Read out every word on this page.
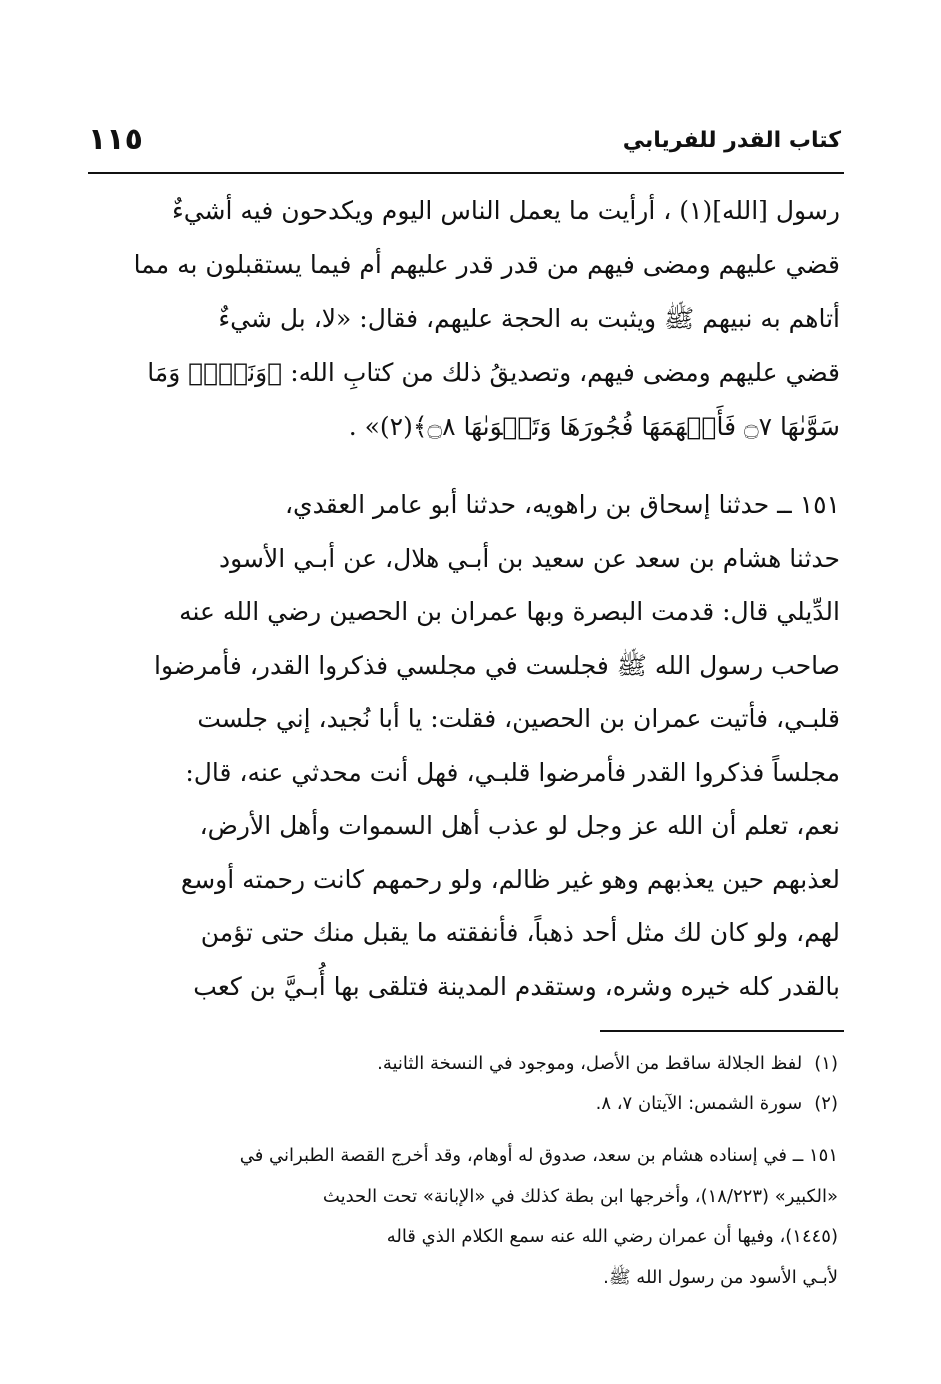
كتاب القدر للفريابي
١١٥
رسول [الله](١) ، أرأيت ما يعمل الناس اليوم ويكدحون فيه أشيءٌ
قضي عليهم ومضى فيهم من قدر قدر عليهم أم فيما يستقبلون به مما
أتاهم به نبيهم ﷺ ويثبت به الحجة عليهم، فقال: «لا، بل شيءٌ
قضي عليهم ومضى فيهم، وتصديقُ ذلك من كتابِ الله: ﴿وَنَفۡسٖ وَمَا
سَوَّىٰهَا ۝٧ فَأَلۡهَمَهَا فُجُورَهَا وَتَقۡوَىٰهَا ۝٨﴾(٢)» .
١٥١ ــ حدثنا إسحاق بن راهويه، حدثنا أبو عامر العقدي،
حدثنا هشام بن سعد عن سعيد بن أبـي هلال، عن أبـي الأسود
الدِّيلي قال: قدمت البصرة وبها عمران بن الحصين رضي الله عنه
صاحب رسول الله ﷺ فجلست في مجلسي فذكروا القدر، فأمرضوا
قلبـي، فأتيت عمران بن الحصين، فقلت: يا أبا نُجيد، إني جلست
مجلساً فذكروا القدر فأمرضوا قلبـي، فهل أنت محدثي عنه، قال:
نعم، تعلم أن الله عز وجل لو عذب أهل السموات وأهل الأرض،
لعذبهم حين يعذبهم وهو غير ظالم، ولو رحمهم كانت رحمته أوسع
لهم، ولو كان لك مثل أحد ذهباً، فأنفقته ما يقبل منك حتى تؤمن
بالقدر كله خيره وشره، وستقدم المدينة فتلقى بها أُبـيَّ بن كعب
(١)لفظ الجلالة ساقط من الأصل، وموجود في النسخة الثانية.
(٢)سورة الشمس: الآيتان ٧، ٨.
١٥١ ــ في إسناده هشام بن سعد، صدوق له أوهام، وقد أخرج القصة الطبراني في
«الكبير» (١٨/٢٢٣)، وأخرجها ابن بطة كذلك في «الإبانة» تحت الحديث
(١٤٤٥)، وفيها أن عمران رضي الله عنه سمع الكلام الذي قاله
لأبـي الأسود من رسول الله ﷺ.
